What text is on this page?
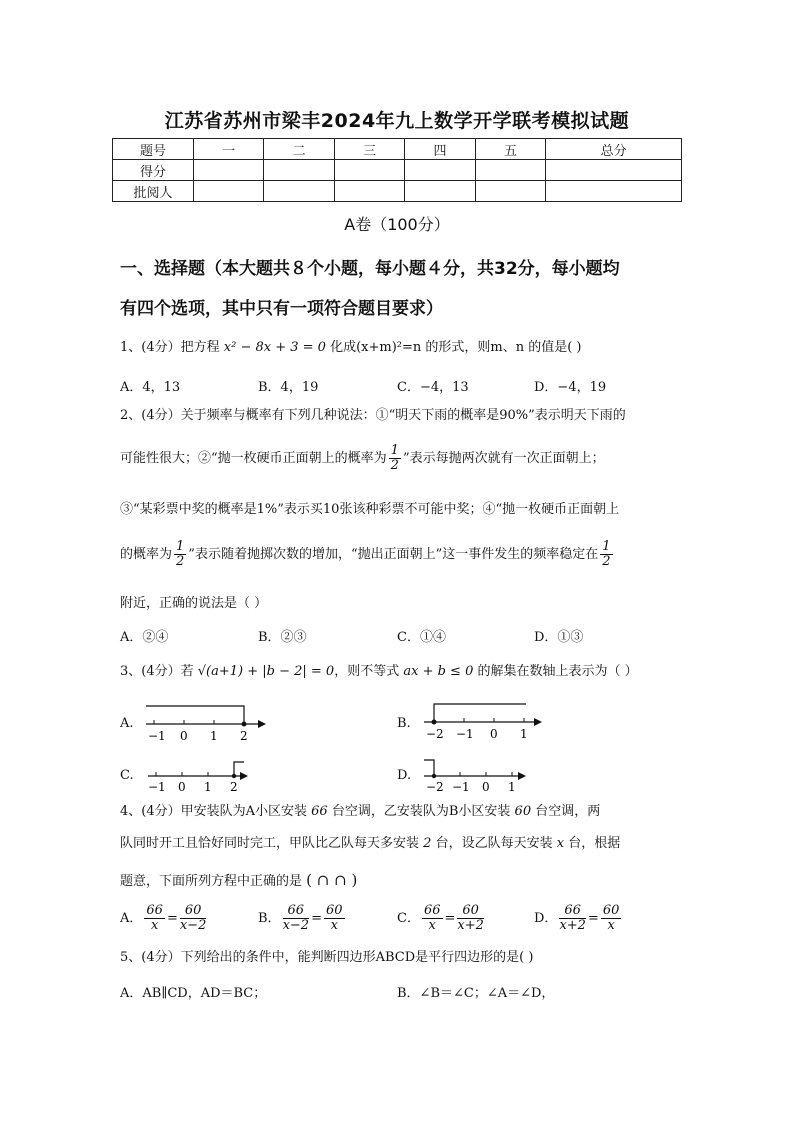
江苏省苏州市梁丰2024年九上数学开学联考模拟试题
题号	一	二	三	四	五	总分
得分						
批阅人						
A卷（100分）
一、选择题（本大题共８个小题，每小题４分，共32分，每小题均
有四个选项，其中只有一项符合题目要求）
1、(4分）把方程 x² − 8x + 3 = 0 化成(x+m)²=n 的形式，则m、n 的值是( )
A．4，13	B．4，19	C．−4，13	D．−4，19
2、(4分）关于频率与概率有下列几种说法：①“明天下雨的概率是90%”表示明天下雨的
可能性很大；②“抛一枚硬币正面朝上的概率为 $\frac{1}{2}$ ”表示每抛两次就有一次正面朝上；
③“某彩票中奖的概率是1%”表示买10张该种彩票不可能中奖；④“抛一枚硬币正面朝上
的概率为 $\frac{1}{2}$ ”表示随着抛掷次数的增加，“抛出正面朝上”这一事件发生的频率稳定在 $\frac{1}{2}$
附近，正确的说法是（ ）
A．②④	B．②③	C．①④	D．①③
3、(4分）若 √(a+1) + |b − 2| = 0，则不等式 ax + b ≤ 0 的解集在数轴上表示为（ ）
A.
−1 0 1 2
B.
−2 −1 0 1
C.
−1 0 1 2
D.
−2 −1 0 1
4、(4分）甲安装队为A小区安装 66 台空调，乙安装队为B小区安装 60 台空调，两
队同时开工且恰好同时完工，甲队比乙队每天多安装 2 台，设乙队每天安装 x 台，根据
题意，下面所列方程中正确的是 ( ∩ ∩ )
A． $\frac{66}{x} = \frac{60}{x-2}$	B． $\frac{66}{x-2} = \frac{60}{x}$	C． $\frac{66}{x} = \frac{60}{x+2}$	D． $\frac{66}{x+2} = \frac{60}{x}$
5、(4分）下列给出的条件中，能判断四边形ABCD是平行四边形的是( )
A．AB∥CD，AD＝BC；	B．∠B＝∠C；∠A＝∠D，
